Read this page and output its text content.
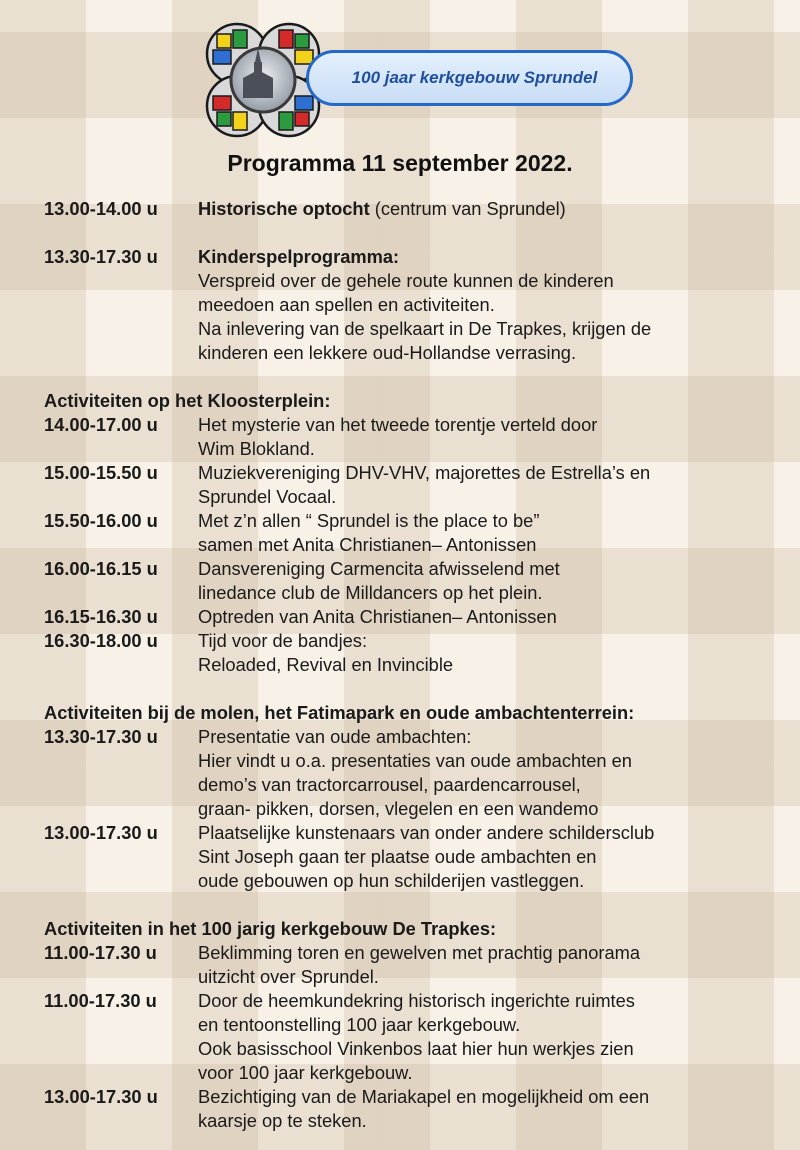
100 jaar kerkgebouw Sprundel
Programma 11 september 2022.
13.00-14.00 u	Historische optocht (centrum van Sprundel)
13.30-17.30 u	Kinderspelprogramma:
Verspreid over de gehele route kunnen de kinderen
meedoen aan spellen en activiteiten.
Na inlevering van de spelkaart in De Trapkes, krijgen de
kinderen een lekkere oud-Hollandse verrasing.
Activiteiten op het Kloosterplein:
14.00-17.00 u	Het mysterie van het tweede torentje verteld door
Wim Blokland.
15.00-15.50 u	Muziekvereniging DHV-VHV, majorettes de Estrella’s en
Sprundel Vocaal.
15.50-16.00 u	Met z’n allen “ Sprundel is the place to be”
samen met Anita Christianen– Antonissen
16.00-16.15 u	Dansvereniging Carmencita afwisselend met
linedance club de Milldancers op het plein.
16.15-16.30 u	Optreden van Anita Christianen– Antonissen
16.30-18.00 u	Tijd voor de bandjes:
Reloaded, Revival en Invincible
Activiteiten bij de molen, het Fatimapark en oude ambachtenterrein:
13.30-17.30 u	Presentatie van oude ambachten:
Hier vindt u o.a. presentaties van oude ambachten en
demo’s van tractorcarrousel, paardencarrousel,
graan- pikken, dorsen, vlegelen en een wandemo
13.00-17.30 u	Plaatselijke kunstenaars van onder andere schildersclub
Sint Joseph gaan ter plaatse oude ambachten en
oude gebouwen op hun schilderijen vastleggen.
Activiteiten in het 100 jarig kerkgebouw De Trapkes:
11.00-17.30 u	Beklimming toren en gewelven met prachtig panorama
uitzicht over Sprundel.
11.00-17.30 u	Door de heemkundekring historisch ingerichte ruimtes
en tentoonstelling 100 jaar kerkgebouw.
Ook basisschool Vinkenbos laat hier hun werkjes zien
voor 100 jaar kerkgebouw.
13.00-17.30 u	Bezichtiging van de Mariakapel en mogelijkheid om een
kaarsje op te steken.
